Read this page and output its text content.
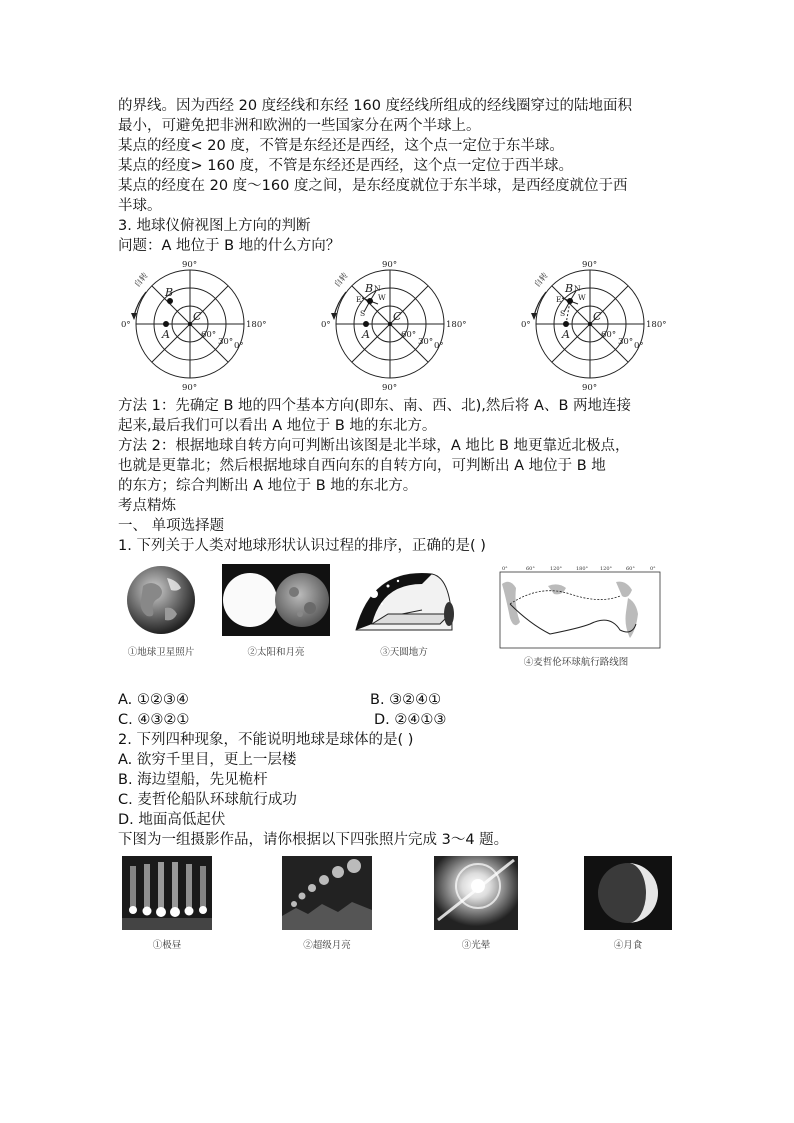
的界线。因为西经 20 度经线和东经 160 度经线所组成的经线圈穿过的陆地面积

最小，可避免把非洲和欧洲的一些国家分在两个半球上。

某点的经度< 20 度，不管是东经还是西经，这个点一定位于东半球。

某点的经度> 160 度，不管是东经还是西经，这个点一定位于西半球。

某点的经度在 20 度～160 度之间，是东经度就位于东半球，是西经度就位于西

半球。

3. 地球仪俯视图上方向的判断

问题：A 地位于 B 地的什么方向？

B
A
C
90°
90°
0°	180°
0°
60°
30°
自转	B
A
C
E
S
N
W
90°
90°
0°	180°
0°
60°
30°
自转	B
A
C
E
S
N
W
90°
90°
0°	180°
0°
60°
30°
自转

方法 1：先确定 B 地的四个基本方向(即东、南、西、北),然后将 A、B 两地连接

起来,最后我们可以看出 A 地位于 B 地的东北方。

方法 2：根据地球自转方向可判断出该图是北半球，A 地比 B 地更靠近北极点，

也就是更靠北；然后根据地球自西向东的自转方向，可判断出 A 地位于 B 地

的东方；综合判断出 A 地位于 B 地的东北方。

考点精炼

一、 单项选择题

1. 下列关于人类对地球形状认识过程的排序，正确的是( )

①地球卫星照片	②太阳和月亮	③天圆地方
0°	60°	120°	180° 120°	60°	0°
④麦哲伦环球航行路线图
A. ①②③④	B. ③②④①
C. ④③②①	D. ②④①③

2. 下列四种现象，不能说明地球是球体的是( )

A. 欲穷千里目，更上一层楼

B. 海边望船，先见桅杆

C. 麦哲伦船队环球航行成功

D. 地面高低起伏

下图为一组摄影作品，请你根据以下四张照片完成 3～4 题。

①极昼	②超级月亮	③光晕	④月食
